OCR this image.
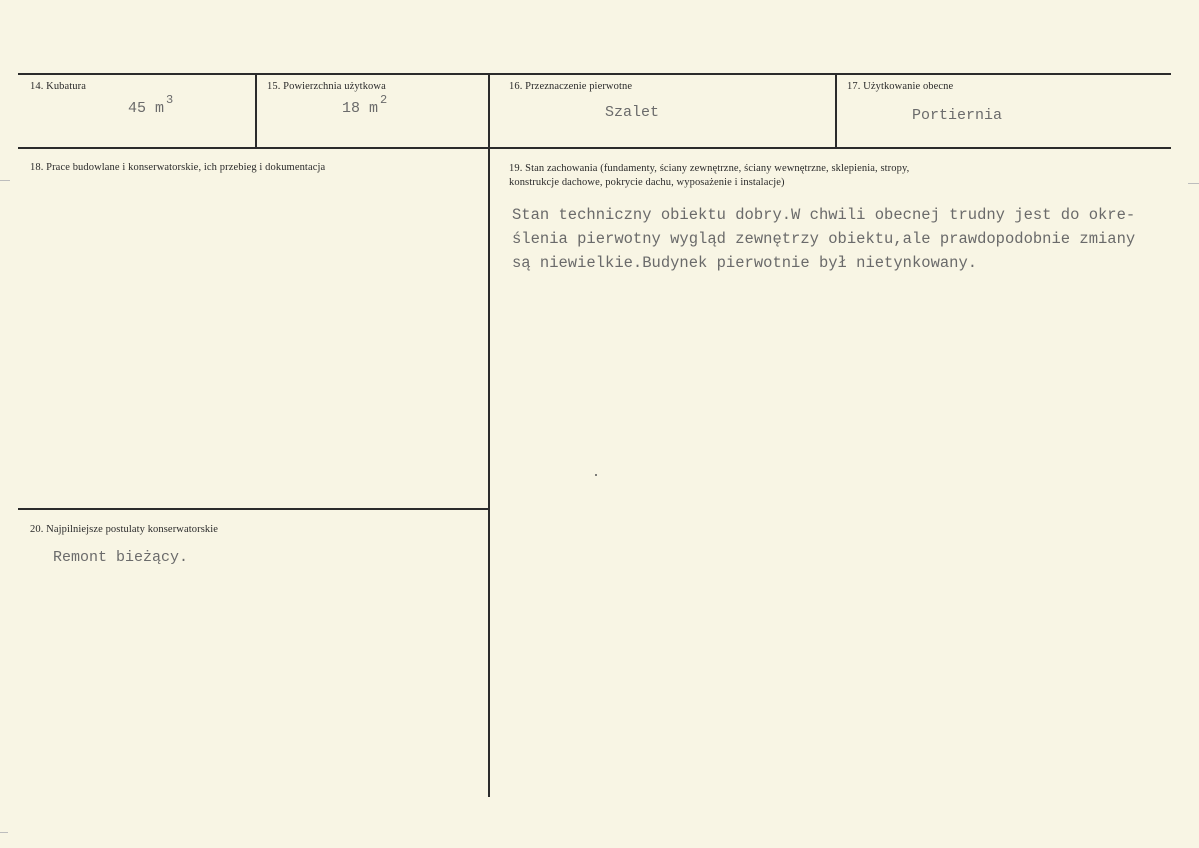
14. Kubatura
45 m $^3$
15. Powierzchnia użytkowa
18 m $^2$
16. Przeznaczenie pierwotne
Szalet
17. Użytkowanie obecne
Portiernia
18. Prace budowlane i konserwatorskie, ich przebieg i dokumentacja	19. Stan zachowania (fundamenty, ściany zewnętrzne, ściany wewnętrzne, sklepienia, stropy,
konstrukcje dachowe, pokrycie dachu, wyposażenie i instalacje)
Stan techniczny obiektu dobry.W chwili obecnej trudny jest do okre-
ślenia pierwotny wygląd zewnętrzy obiektu,ale prawdopodobnie zmiany
są niewielkie.Budynek pierwotnie był nietynkowany.
20. Najpilniejsze postulaty konserwatorskie
Remont bieżący.
